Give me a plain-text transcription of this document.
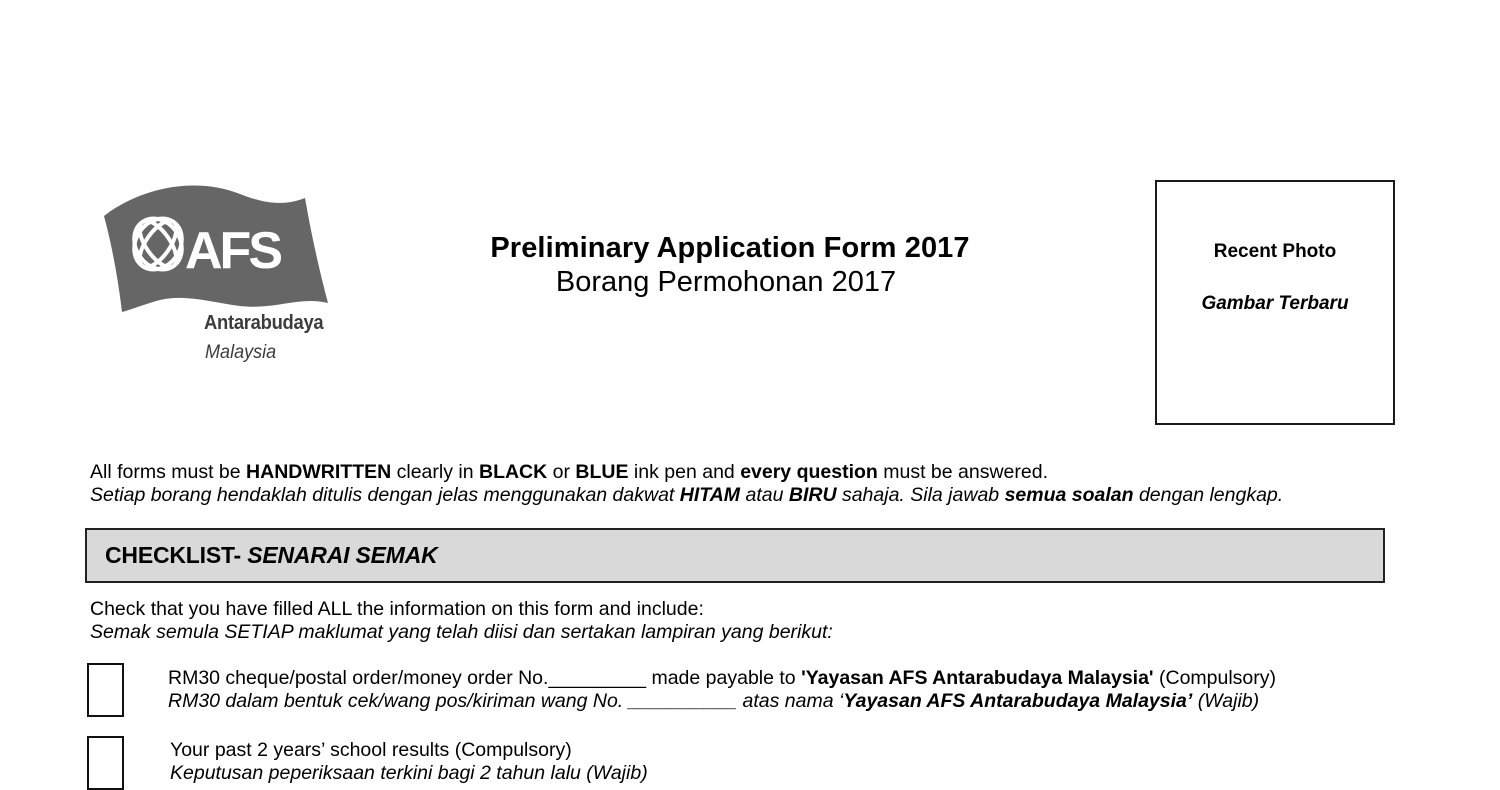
AFS
Antarabudaya
Malaysia
Preliminary Application Form 2017
Borang Permohonan 2017
Recent Photo
Gambar Terbaru
All forms must be HANDWRITTEN clearly in BLACK or BLUE ink pen and every question must be answered.
Setiap borang hendaklah ditulis dengan jelas menggunakan dakwat HITAM atau BIRU sahaja. Sila jawab semua soalan dengan lengkap.
CHECKLIST- SENARAI SEMAK
Check that you have filled ALL the information on this form and include:
Semak semula SETIAP maklumat yang telah diisi dan sertakan lampiran yang berikut:
RM30 cheque/postal order/money order No._________ made payable to 'Yayasan AFS Antarabudaya Malaysia' (Compulsory)
RM30 dalam bentuk cek/wang pos/kiriman wang No. __________ atas nama ‘Yayasan AFS Antarabudaya Malaysia’ (Wajib)
Your past 2 years’ school results (Compulsory)
Keputusan peperiksaan terkini bagi 2 tahun lalu (Wajib)
